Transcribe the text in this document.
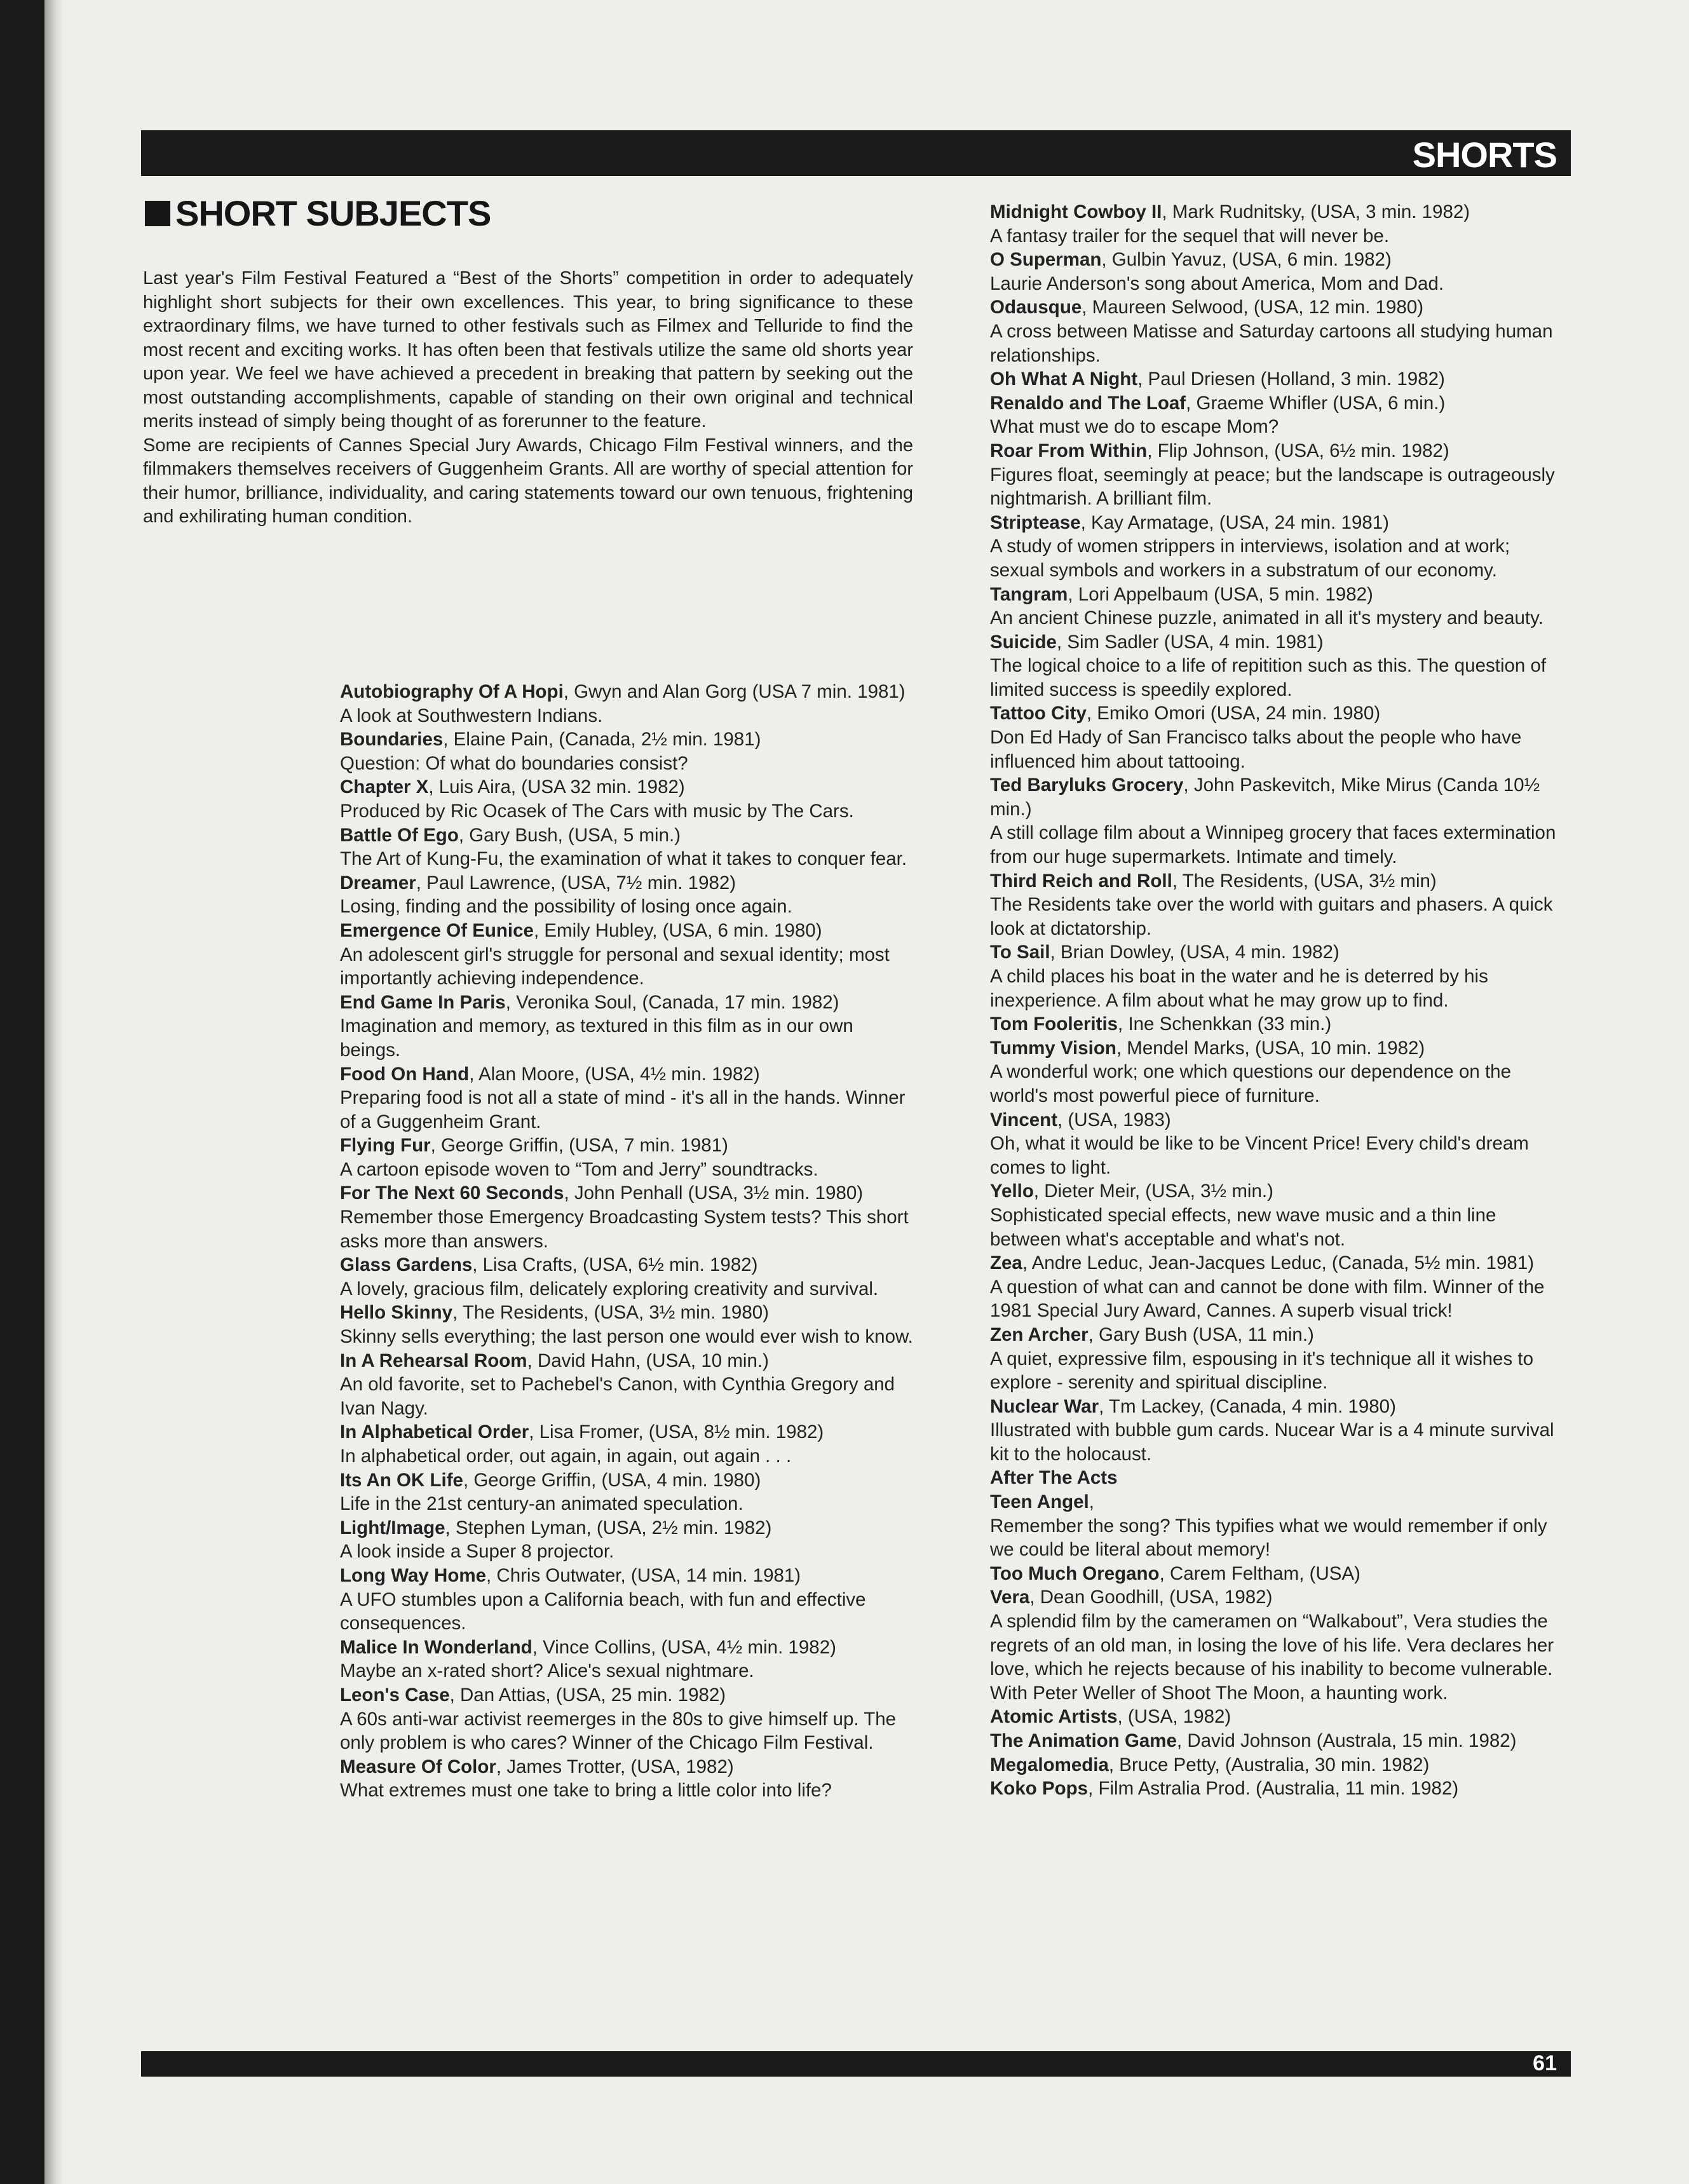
SHORTS
SHORT SUBJECTS

Last year's Film Festival Featured a “Best of the Shorts” competition in order to adequately highlight short subjects for their own excellences. This year, to bring significance to these extraordinary films, we have turned to other festivals such as Filmex and Telluride to find the most recent and exciting works. It has often been that festivals utilize the same old shorts year upon year. We feel we have achieved a precedent in breaking that pattern by seeking out the most outstanding accomplishments, capable of standing on their own original and technical merits instead of simply being thought of as forerunner to the feature.

Some are recipients of Cannes Special Jury Awards, Chicago Film Festival winners, and the filmmakers themselves receivers of Guggenheim Grants. All are worthy of special attention for their humor, brilliance, individuality, and caring statements toward our own tenuous, frightening and exhilirating human condition.

Autobiography Of A Hopi, Gwyn and Alan Gorg (USA 7 min. 1981)
A look at Southwestern Indians.

Boundaries, Elaine Pain, (Canada, 2½ min. 1981)
Question: Of what do boundaries consist?

Chapter X, Luis Aira, (USA 32 min. 1982)
Produced by Ric Ocasek of The Cars with music by The Cars.

Battle Of Ego, Gary Bush, (USA, 5 min.)
The Art of Kung-Fu, the examination of what it takes to conquer fear.

Dreamer, Paul Lawrence, (USA, 7½ min. 1982)
Losing, finding and the possibility of losing once again.

Emergence Of Eunice, Emily Hubley, (USA, 6 min. 1980)
An adolescent girl's struggle for personal and sexual identity; most importantly achieving independence.

End Game In Paris, Veronika Soul, (Canada, 17 min. 1982)
Imagination and memory, as textured in this film as in our own beings.

Food On Hand, Alan Moore, (USA, 4½ min. 1982)
Preparing food is not all a state of mind - it's all in the hands. Winner of a Guggenheim Grant.

Flying Fur, George Griffin, (USA, 7 min. 1981)
A cartoon episode woven to “Tom and Jerry” soundtracks.

For The Next 60 Seconds, John Penhall (USA, 3½ min. 1980)
Remember those Emergency Broadcasting System tests? This short asks more than answers.

Glass Gardens, Lisa Crafts, (USA, 6½ min. 1982)
A lovely, gracious film, delicately exploring creativity and survival.

Hello Skinny, The Residents, (USA, 3½ min. 1980)
Skinny sells everything; the last person one would ever wish to know.

In A Rehearsal Room, David Hahn, (USA, 10 min.)
An old favorite, set to Pachebel's Canon, with Cynthia Gregory and Ivan Nagy.

In Alphabetical Order, Lisa Fromer, (USA, 8½ min. 1982)
In alphabetical order, out again, in again, out again . . .

Its An OK Life, George Griffin, (USA, 4 min. 1980)
Life in the 21st century-an animated speculation.

Light/Image, Stephen Lyman, (USA, 2½ min. 1982)
A look inside a Super 8 projector.

Long Way Home, Chris Outwater, (USA, 14 min. 1981)
A UFO stumbles upon a California beach, with fun and effective consequences.

Malice In Wonderland, Vince Collins, (USA, 4½ min. 1982)
Maybe an x-rated short? Alice's sexual nightmare.

Leon's Case, Dan Attias, (USA, 25 min. 1982)
A 60s anti-war activist reemerges in the 80s to give himself up. The only problem is who cares? Winner of the Chicago Film Festival.

Measure Of Color, James Trotter, (USA, 1982)
What extremes must one take to bring a little color into life?

Midnight Cowboy II, Mark Rudnitsky, (USA, 3 min. 1982)
A fantasy trailer for the sequel that will never be.

O Superman, Gulbin Yavuz, (USA, 6 min. 1982)
Laurie Anderson's song about America, Mom and Dad.

Odausque, Maureen Selwood, (USA, 12 min. 1980)
A cross between Matisse and Saturday cartoons all studying human relationships.

Oh What A Night, Paul Driesen (Holland, 3 min. 1982)

Renaldo and The Loaf, Graeme Whifler (USA, 6 min.)
What must we do to escape Mom?

Roar From Within, Flip Johnson, (USA, 6½ min. 1982)
Figures float, seemingly at peace; but the landscape is outrageously nightmarish. A brilliant film.

Striptease, Kay Armatage, (USA, 24 min. 1981)
A study of women strippers in interviews, isolation and at work; sexual symbols and workers in a substratum of our economy.

Tangram, Lori Appelbaum (USA, 5 min. 1982)
An ancient Chinese puzzle, animated in all it's mystery and beauty.

Suicide, Sim Sadler (USA, 4 min. 1981)
The logical choice to a life of repitition such as this. The question of limited success is speedily explored.

Tattoo City, Emiko Omori (USA, 24 min. 1980)
Don Ed Hady of San Francisco talks about the people who have influenced him about tattooing.

Ted Baryluks Grocery, John Paskevitch, Mike Mirus (Canda 10½ min.)
A still collage film about a Winnipeg grocery that faces extermination from our huge supermarkets. Intimate and timely.

Third Reich and Roll, The Residents, (USA, 3½ min)
The Residents take over the world with guitars and phasers. A quick look at dictatorship.

To Sail, Brian Dowley, (USA, 4 min. 1982)
A child places his boat in the water and he is deterred by his inexperience. A film about what he may grow up to find.

Tom Fooleritis, Ine Schenkkan (33 min.)

Tummy Vision, Mendel Marks, (USA, 10 min. 1982)
A wonderful work; one which questions our dependence on the world's most powerful piece of furniture.

Vincent, (USA, 1983)
Oh, what it would be like to be Vincent Price! Every child's dream comes to light.

Yello, Dieter Meir, (USA, 3½ min.)
Sophisticated special effects, new wave music and a thin line between what's acceptable and what's not.

Zea, Andre Leduc, Jean-Jacques Leduc, (Canada, 5½ min. 1981)
A question of what can and cannot be done with film. Winner of the 1981 Special Jury Award, Cannes. A superb visual trick!

Zen Archer, Gary Bush (USA, 11 min.)
A quiet, expressive film, espousing in it's technique all it wishes to explore - serenity and spiritual discipline.

Nuclear War, Tm Lackey, (Canada, 4 min. 1980)
Illustrated with bubble gum cards. Nucear War is a 4 minute survival kit to the holocaust.

After The Acts

Teen Angel,
Remember the song? This typifies what we would remember if only we could be literal about memory!

Too Much Oregano, Carem Feltham, (USA)

Vera, Dean Goodhill, (USA, 1982)
A splendid film by the cameramen on “Walkabout”, Vera studies the regrets of an old man, in losing the love of his life. Vera declares her love, which he rejects because of his inability to become vulnerable. With Peter Weller of Shoot The Moon, a haunting work.

Atomic Artists, (USA, 1982)

The Animation Game, David Johnson (Australa, 15 min. 1982)

Megalomedia, Bruce Petty, (Australia, 30 min. 1982)

Koko Pops, Film Astralia Prod. (Australia, 11 min. 1982)

61
